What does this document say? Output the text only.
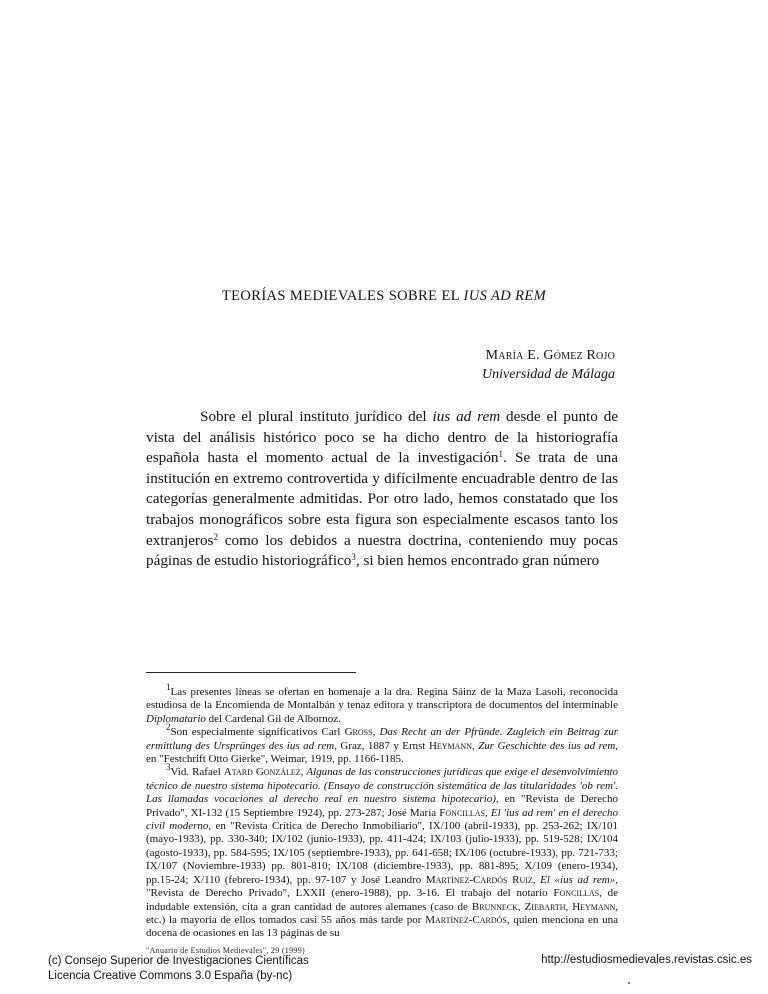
TEORÍAS MEDIEVALES SOBRE EL IUS AD REM
María E. Gómez Rojo
Universidad de Málaga

Sobre el plural instituto jurídico del ius ad rem desde el punto de vista del análisis histórico poco se ha dicho dentro de la historiografía española hasta el momento actual de la investigación$^1$. Se trata de una institución en extremo controvertida y difícilmente encuadrable dentro de las categorías generalmente admitidas. Por otro lado, hemos constatado que los trabajos monográficos sobre esta figura son especialmente escasos tanto los extranjeros$^2$ como los debidos a nuestra doctrina, conteniendo muy pocas páginas de estudio historiográfico$^3$, si bien hemos encontrado gran número

$^1$Las presentes líneas se ofertan en homenaje a la dra. Regina Sáinz de la Maza Lasoli, reconocida estudiosa de la Encomienda de Montalbán y tenaz editora y transcriptora de documentos del interminable Diplomatario del Cardenal Gil de Albornoz.

$^2$Son especialmente significativos Carl Gross, Das Recht an der Pfründe. Zugleich ein Beitrag zur ermittlung des Ursprünges des ius ad rem, Graz, 1887 y Ernst Heymann, Zur Geschichte des ius ad rem, en "Festchrift Otto Gierke", Weimar, 1919, pp. 1166-1185.

$^3$Vid. Rafael Atard González, Algunas de las construcciones jurídicas que exige el desenvolvimiento técnico de nuestro sistema hipotecario. (Ensayo de construcción sistemática de las titularidades 'ob rem'. Las llamadas vocaciones al derecho real en nuestro sistema hipotecario), en "Revista de Derecho Privado", XI-132 (15 Septiembre 1924), pp. 273-287; José María Foncillas, El 'ius ad rem' en el derecho civil moderno, en "Revista Crítica de Derecho Inmobiliario", IX/100 (abril-1933), pp. 253-262; IX/101 (mayo-1933), pp. 330-340; IX/102 (junio-1933), pp. 411-424; IX/103 (julio-1933), pp. 519-528; IX/104 (agosto-1933), pp. 584-595; IX/105 (septiembre-1933), pp. 641-658; IX/106 (octubre-1933), pp. 721-733; IX/107 (Noviembre-1933) pp. 801-810; IX/108 (diciembre-1933), pp. 881-895; X/109 (enero-1934), pp.15-24; X/110 (febrero-1934), pp. 97-107 y José Leandro Martínez-Cardós Ruiz, El «ius ad rem», "Revista de Derecho Privado", LXXII (enero-1988), pp. 3-16. El trabajo del notario Foncillas, de indudable extensión, cita a gran cantidad de autores alemanes (caso de Brunneck, Ziebarth, Heymann, etc.) la mayoría de ellos tomados casi 55 años más tarde por Martínez-Cardós, quien menciona en una docena de ocasiones en las 13 páginas de su

"Anuario de Estudios Medievales", 29 (1999)
(c) Consejo Superior de Investigaciones Científicas
Licencia Creative Commons 3.0 España (by-nc)
http://estudiosmedievales.revistas.csic.es
